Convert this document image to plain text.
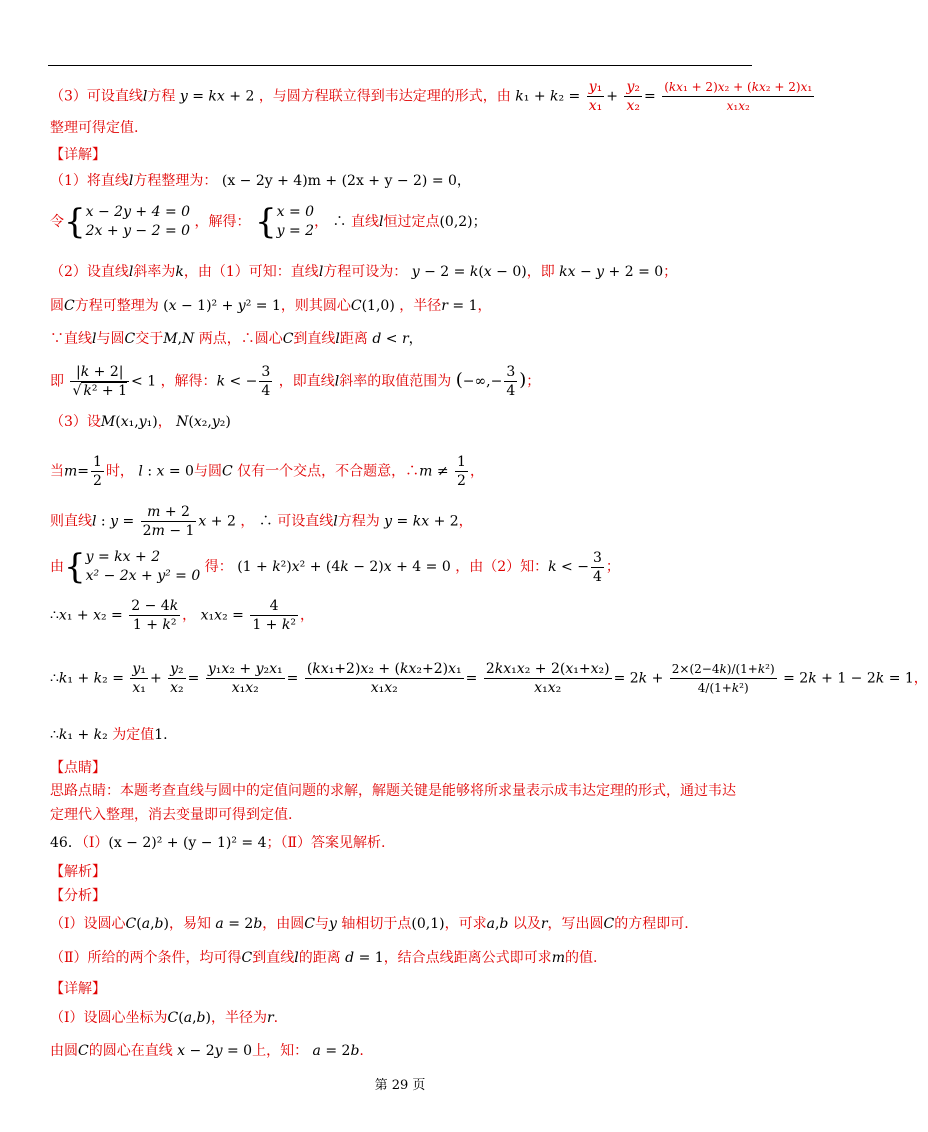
（3）可设直线l方程 y = kx + 2 ，与圆方程联立得到韦达定理的形式，由 $k_1 + k_2 = \frac{\text{y₁}}{\text{x₁}} + \frac{\text{y₂}}{\text{x₂}} = \frac{\text{(kx₁ + 2)x₂ + (kx₂ + 2)x₁}}{\text{x₁x₂}}$
整理可得定值.
【详解】
（1）将直线l方程整理为： (x − 2y + 4)m + (2x + y − 2) = 0，
令{x − 2y + 4 = 0
2x + y − 2 = 0 ，解得： {x = 0
y = 2， ∴ 直线l恒过定点(0,2)；
（2）设直线l斜率为k，由（1）可知：直线l方程可设为： y − 2 = k(x − 0)，即 kx − y + 2 = 0；
圆C方程可整理为 (x − 1)² + y² = 1，则其圆心C(1,0) ，半径r = 1，
∵直线l与圆C交于M,N 两点，∴圆心C到直线l距离 d < r，
即 $\frac{|k + 2|}{\text{√ k² + 1}} < 1$ ，解得：k < − $\frac{3}{4}$ ，即直线l斜率的取值范围为 (−∞,− $\frac{3}{4}$ )；
（3）设M(x₁,y₁)， N(x₂,y₂)
当$m= \frac{1}{2}$ 时， l : x = 0与圆C 仅有一个交点，不合题意，∴m ≠ $\frac{1}{2}$ ，
则直线l : $y = \frac{m + 2}{2m - 1}$ x + 2 ， ∴ 可设直线l方程为 y = kx + 2，
由{y = kx + 2
x² − 2x + y² = 0 得： (1 + k²)x² + (4k − 2)x + 4 = 0 ，由（2）知：k < − $\frac{3}{4}$ ；
∴x₁ + $x_2 = \frac{2 - 4k}{\text{1 + k²}}$ ， $x_1x_2 = \frac{4}{\text{1 + k²}}$ ，
∴k₁ + $k_2 = \frac{\text{y₁}}{\text{x₁}} + \frac{\text{y₂}}{\text{x₂}} = \frac{\text{y₁x₂ + y₂x₁}}{\text{x₁x₂}} = \frac{\text{(kx₁+2)x₂ + (kx₂+2)x₁}}{\text{x₁x₂}} = \frac{\text{2kx₁x₂ + 2(x₁+x₂)}}{\text{x₁x₂}} = 2k + \frac{\text{2×(2−4k)/(1+k²)}}{\text{4/(1+k²)}} = 2k + 1 - 2k = 1$，
∴k₁ + k₂ 为定值1.
【点睛】
思路点睛：本题考查直线与圆中的定值问题的求解，解题关键是能够将所求量表示成韦达定理的形式，通过韦达
定理代入整理，消去变量即可得到定值.
46．（Ⅰ）(x − 2)² + (y − 1)² = 4；（Ⅱ）答案见解析.
【解析】
【分析】
（Ⅰ）设圆心C(a,b)，易知 a = 2b，由圆C与y 轴相切于点(0,1)，可求a,b 以及r，写出圆C的方程即可.
（Ⅱ）所给的两个条件，均可得C到直线l的距离 d = 1，结合点线距离公式即可求m的值.
【详解】
（Ⅰ）设圆心坐标为C(a,b)，半径为r.
由圆C的圆心在直线 x − 2y = 0上，知： a = 2b.
第 29 页
